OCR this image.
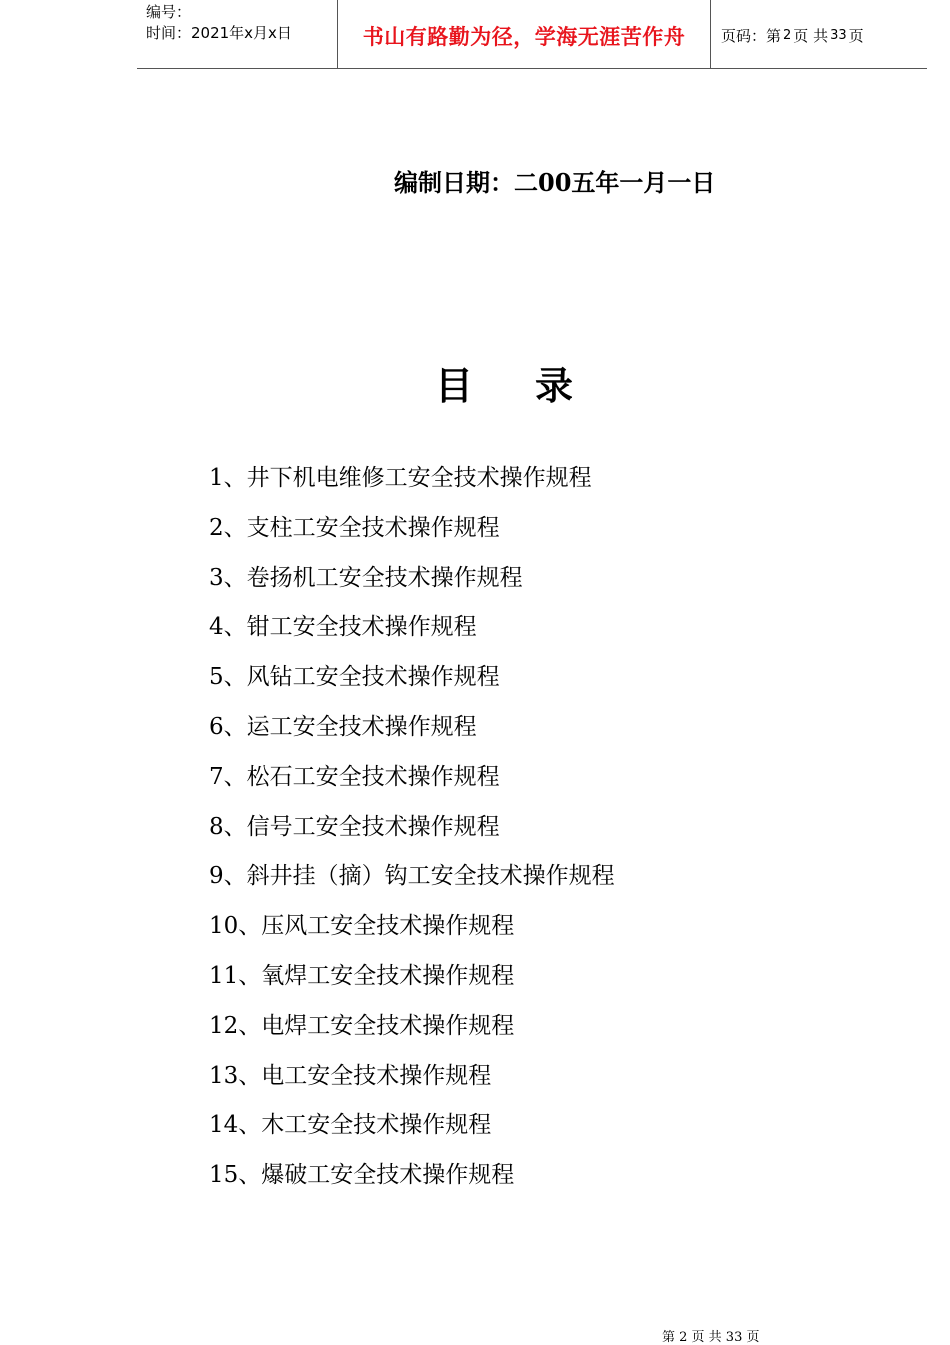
编号：
时间：2021年x月x日	书山有路勤为径，学海无涯苦作舟	页码：第 2 页 共 33 页
编制日期：二00五年一月一日
目录
1、井下机电维修工安全技术操作规程
2、支柱工安全技术操作规程
3、卷扬机工安全技术操作规程
4、钳工安全技术操作规程
5、风钻工安全技术操作规程
6、运工安全技术操作规程
7、松石工安全技术操作规程
8、信号工安全技术操作规程
9、斜井挂（摘）钩工安全技术操作规程
10、压风工安全技术操作规程
11、氧焊工安全技术操作规程
12、电焊工安全技术操作规程
13、电工安全技术操作规程
14、木工安全技术操作规程
15、爆破工安全技术操作规程
第 2 页 共 33 页
